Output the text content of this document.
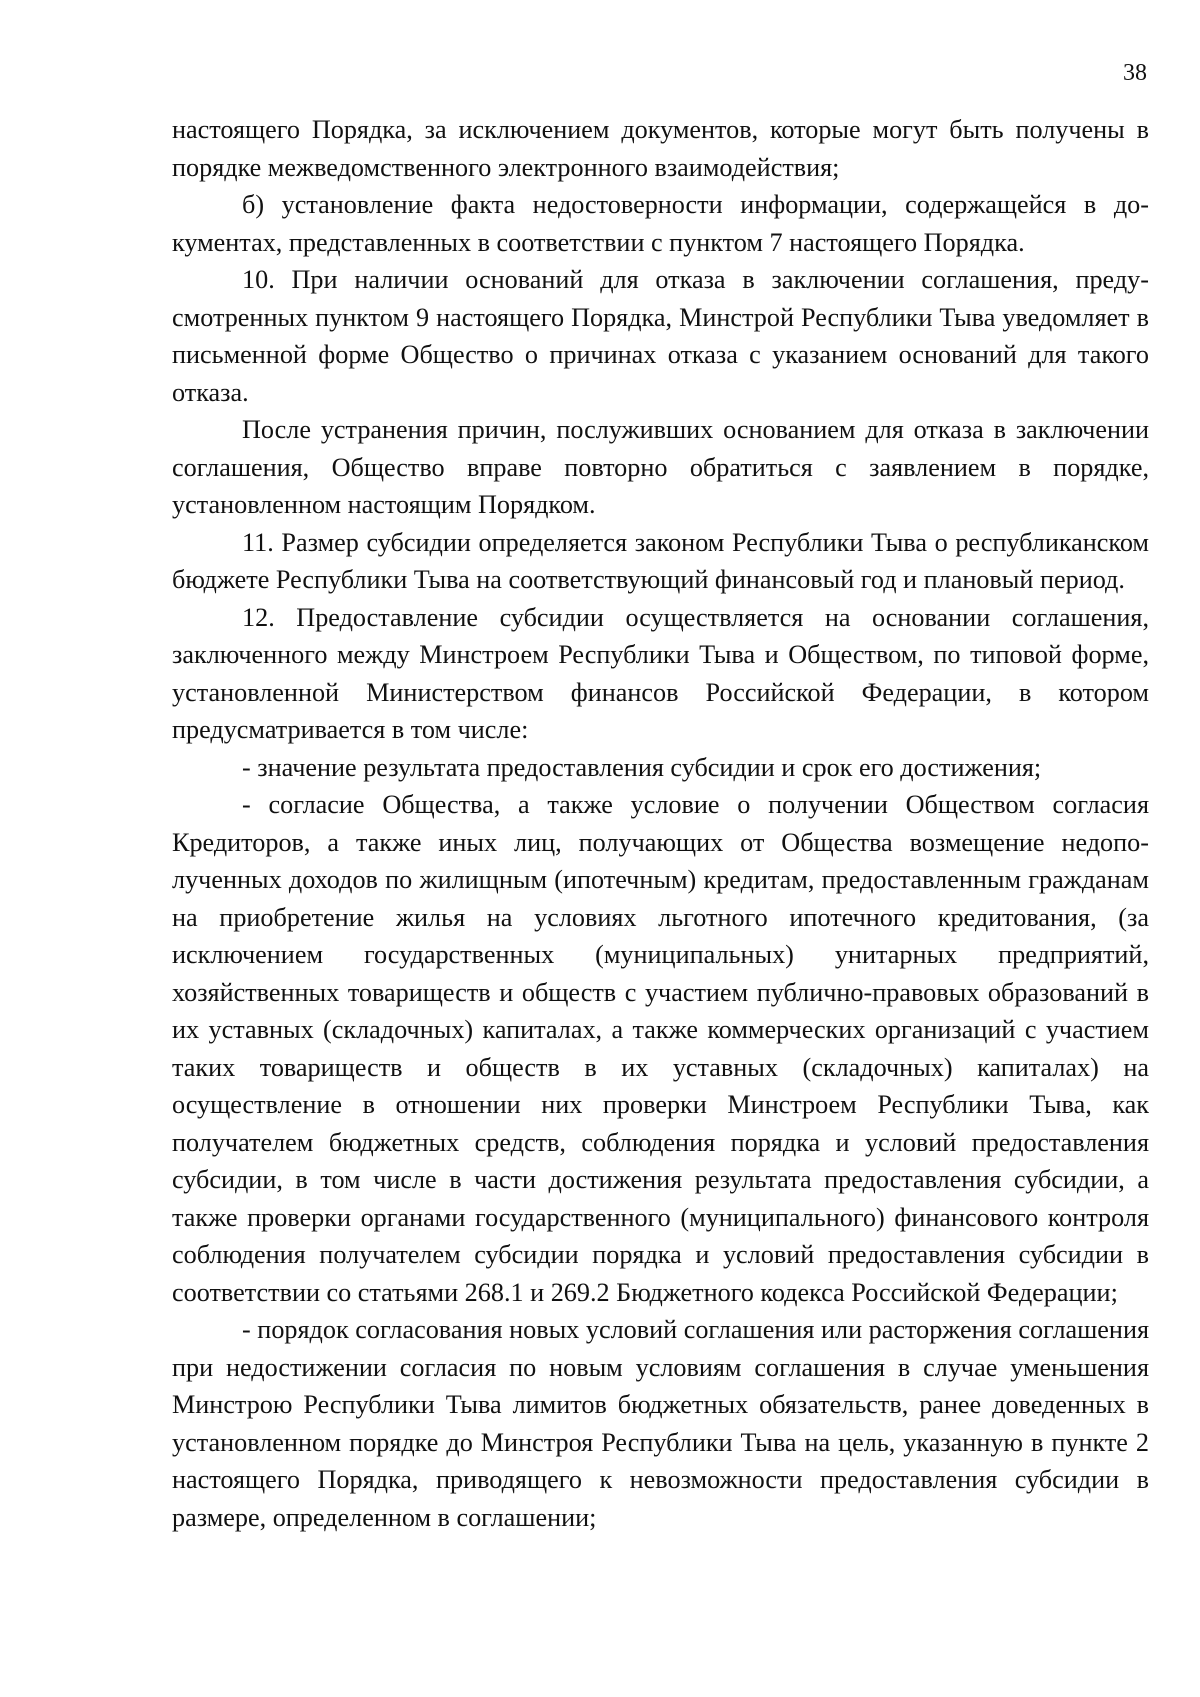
38

настоящего Порядка, за исключением документов, которые могут быть получены в порядке межведомственного электронного взаимодействия;

б) установление факта недостоверности информации, содержащейся в документах, представленных в соответствии с пунктом 7 настоящего Порядка.

10. При наличии оснований для отказа в заключении соглашения, предусмотренных пунктом 9 настоящего Порядка, Минстрой Республики Тыва уведомляет в письменной форме Общество о причинах отказа с указанием оснований для такого отказа.

После устранения причин, послуживших основанием для отказа в заключении соглашения, Общество вправе повторно обратиться с заявлением в порядке, установленном настоящим Порядком.

11. Размер субсидии определяется законом Республики Тыва о республиканском бюджете Республики Тыва на соответствующий финансовый год и плановый период.

12. Предоставление субсидии осуществляется на основании соглашения, заключенного между Минстроем Республики Тыва и Обществом, по типовой форме, установленной Министерством финансов Российской Федерации, в котором предусматривается в том числе:

- значение результата предоставления субсидии и срок его достижения;

- согласие Общества, а также условие о получении Обществом согласия Кредиторов, а также иных лиц, получающих от Общества возмещение недополученных доходов по жилищным (ипотечным) кредитам, предоставленным гражданам на приобретение жилья на условиях льготного ипотечного кредитования, (за исключением государственных (муниципальных) унитарных предприятий, хозяйственных товариществ и обществ с участием публично-правовых образований в их уставных (складочных) капиталах, а также коммерческих организаций с участием таких товариществ и обществ в их уставных (складочных) капиталах) на осуществление в отношении них проверки Минстроем Республики Тыва, как получателем бюджетных средств, соблюдения порядка и условий предоставления субсидии, в том числе в части достижения результата предоставления субсидии, а также проверки органами государственного (муниципального) финансового контроля соблюдения получателем субсидии порядка и условий предоставления субсидии в соответствии со статьями 268.1 и 269.2 Бюджетного кодекса Российской Федерации;

- порядок согласования новых условий соглашения или расторжения соглашения при недостижении согласия по новым условиям соглашения в случае уменьшения Минстрою Республики Тыва лимитов бюджетных обязательств, ранее доведенных в установленном порядке до Минстроя Республики Тыва на цель, указанную в пункте 2 настоящего Порядка, приводящего к невозможности предоставления субсидии в размере, определенном в соглашении;
